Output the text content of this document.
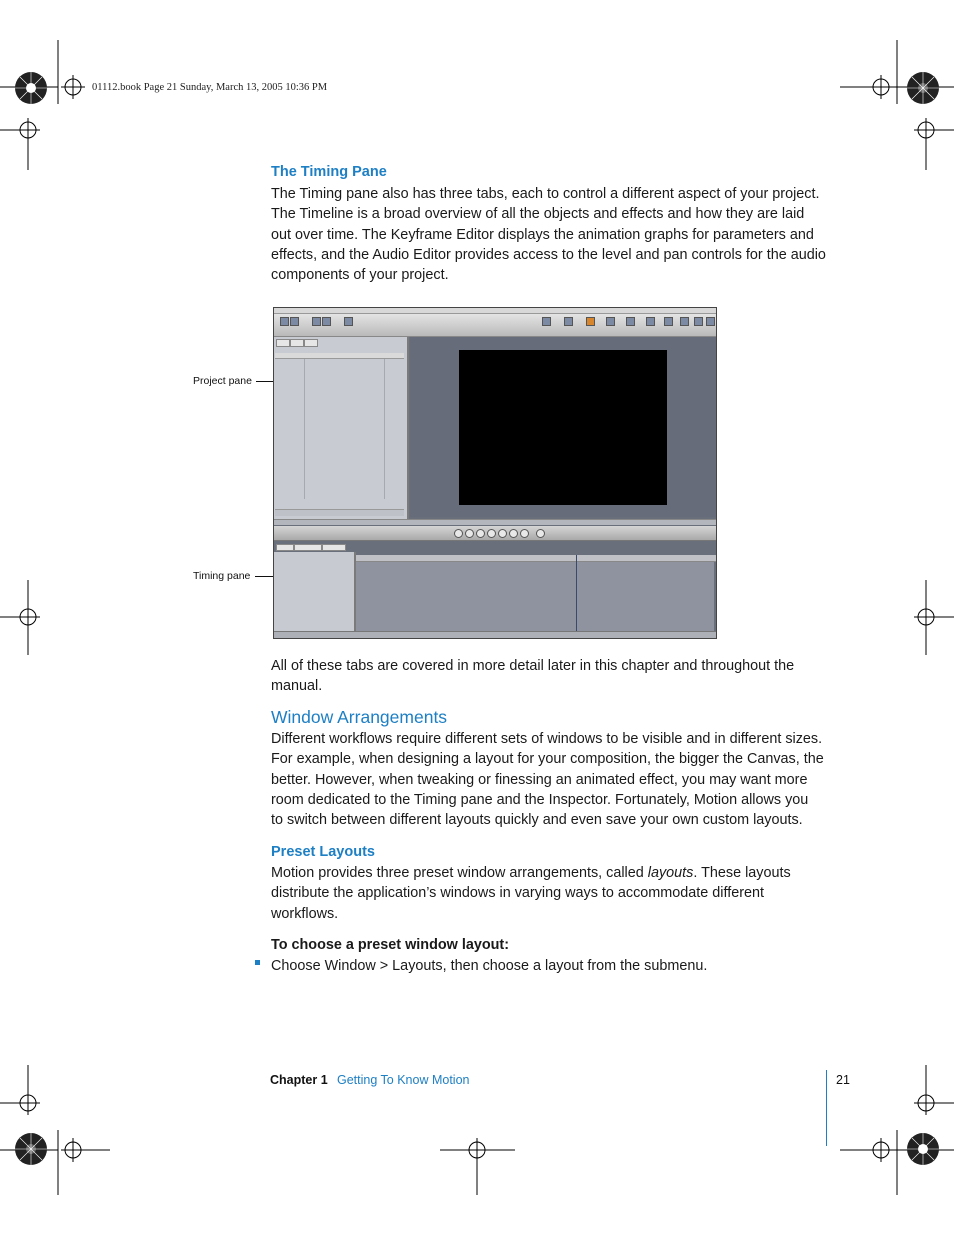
01112.book Page 21 Sunday, March 13, 2005 10:36 PM
The Timing Pane

The Timing pane also has three tabs, each to control a different aspect of your project.
The Timeline is a broad overview of all the objects and effects and how they are laid
out over time. The Keyframe Editor displays the animation graphs for parameters and
effects, and the Audio Editor provides access to the level and pan controls for the audio
components of your project.

Project pane
Timing pane

All of these tabs are covered in more detail later in this chapter and throughout the
manual.

Window Arrangements

Different workflows require different sets of windows to be visible and in different sizes.
For example, when designing a layout for your composition, the bigger the Canvas, the
better. However, when tweaking or finessing an animated effect, you may want more
room dedicated to the Timing pane and the Inspector. Fortunately, Motion allows you
to switch between different layouts quickly and even save your own custom layouts.

Preset Layouts

Motion provides three preset window arrangements, called layouts. These layouts
distribute the application’s windows in varying ways to accommodate different
workflows.

To choose a preset window layout:
Choose Window > Layouts, then choose a layout from the submenu.
Chapter 1 Getting To Know Motion	21
